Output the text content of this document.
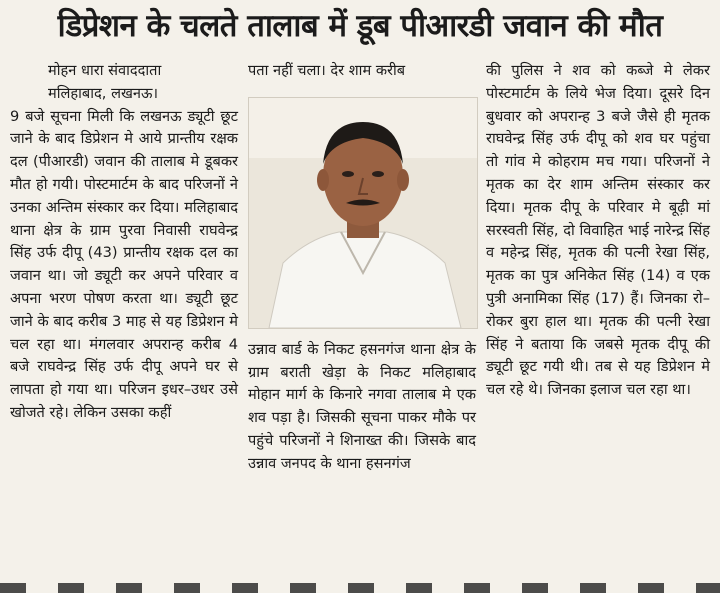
डिप्रेशन के चलते तालाब में डूब पीआरडी जवान की मौत
मोहन धारा संवाददाता
मलिहाबाद, लखनऊ।

9 बजे सूचना मिली कि लखनऊ ड्यूटी छूट जाने के बाद डिप्रेशन मे आये प्रान्तीय रक्षक दल (पीआरडी) जवान की तालाब मे डूबकर मौत हो गयी। पोस्टमार्टम के बाद परिजनों ने उनका अन्तिम संस्कार कर दिया। मलिहाबाद थाना क्षेत्र के ग्राम पुरवा निवासी राघवेन्द्र सिंह उर्फ दीपू (43) प्रान्तीय रक्षक दल का जवान था। जो ड्यूटी कर अपने परिवार व अपना भरण पोषण करता था। ड्यूटी छूट जाने के बाद करीब 3 माह से यह डिप्रेशन मे चल रहा था। मंगलवार अपरान्ह करीब 4 बजे राघवेन्द्र सिंह उर्फ दीपू अपने घर से लापता हो गया था। परिजन इधर–उधर उसे खोजते रहे। लेकिन उसका कहीं

पता नहीं चला। देर शाम करीब

उन्नाव बार्ड के निकट हसनगंज थाना क्षेत्र के ग्राम बराती खेड़ा के निकट मलिहाबाद मोहान मार्ग के किनारे नगवा तालाब मे एक शव पड़ा है। जिसकी सूचना पाकर मौके पर पहुंचे परिजनों ने शिनाख्त की। जिसके बाद उन्नाव जनपद के थाना हसनगंज

की पुलिस ने शव को कब्जे मे लेकर पोस्टमार्टम के लिये भेज दिया। दूसरे दिन बुधवार को अपरान्ह 3 बजे जैसे ही मृतक राघवेन्द्र सिंह उर्फ दीपू को शव घर पहुंचा तो गांव मे कोहराम मच गया। परिजनों ने मृतक का देर शाम अन्तिम संस्कार कर दिया। मृतक दीपू के परिवार मे बूढ़ी मां सरस्वती सिंह, दो विवाहित भाई नारेन्द्र सिंह व महेन्द्र सिंह, मृतक की पत्नी रेखा सिंह, मृतक का पुत्र अनिकेत सिंह (14) व एक पुत्री अनामिका सिंह (17) हैं। जिनका रो–रोकर बुरा हाल था। मृतक की पत्नी रेखा सिंह ने बताया कि जबसे मृतक दीपू की ड्यूटी छूट गयी थी। तब से यह डिप्रेशन मे चल रहे थे। जिनका इलाज चल रहा था।
